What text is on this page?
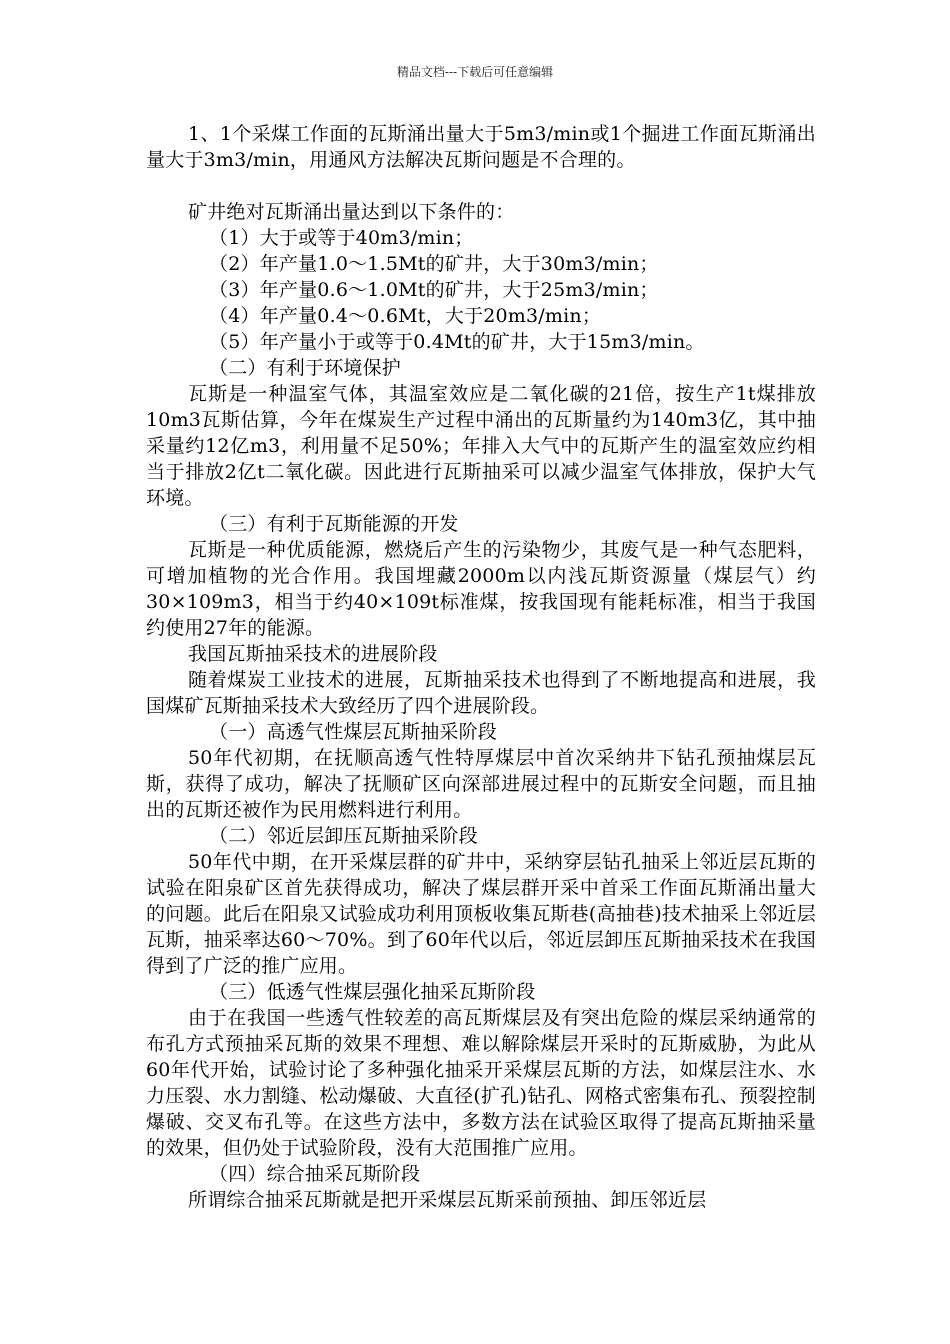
精品文档---下载后可任意编辑

1、1个采煤工作面的瓦斯涌出量大于5m3/min或1个掘进工作面瓦斯涌出量大于3m3/min，用通风方法解决瓦斯问题是不合理的。

矿井绝对瓦斯涌出量达到以下条件的：

（1）大于或等于40m3/min；

（2）年产量1.0～1.5Mt的矿井，大于30m3/min；

（3）年产量0.6～1.0Mt的矿井，大于25m3/min；

（4）年产量0.4～0.6Mt，大于20m3/min；

（5）年产量小于或等于0.4Mt的矿井，大于15m3/min。

（二）有利于环境保护

瓦斯是一种温室气体，其温室效应是二氧化碳的21倍，按生产1t煤排放10m3瓦斯估算，今年在煤炭生产过程中涌出的瓦斯量约为140m3亿，其中抽采量约12亿m3，利用量不足50%；年排入大气中的瓦斯产生的温室效应约相当于排放2亿t二氧化碳。因此进行瓦斯抽采可以减少温室气体排放，保护大气环境。

（三）有利于瓦斯能源的开发

瓦斯是一种优质能源，燃烧后产生的污染物少，其废气是一种气态肥料，可增加植物的光合作用。我国埋藏2000m以内浅瓦斯资源量（煤层气）约30×109m3，相当于约40×109t标准煤，按我国现有能耗标准，相当于我国约使用27年的能源。

我国瓦斯抽采技术的进展阶段

随着煤炭工业技术的进展，瓦斯抽采技术也得到了不断地提高和进展，我国煤矿瓦斯抽采技术大致经历了四个进展阶段。

（一）高透气性煤层瓦斯抽采阶段

50年代初期，在抚顺高透气性特厚煤层中首次采纳井下钻孔预抽煤层瓦斯，获得了成功，解决了抚顺矿区向深部进展过程中的瓦斯安全问题，而且抽出的瓦斯还被作为民用燃料进行利用。

（二）邻近层卸压瓦斯抽采阶段

50年代中期，在开采煤层群的矿井中，采纳穿层钻孔抽采上邻近层瓦斯的试验在阳泉矿区首先获得成功，解决了煤层群开采中首采工作面瓦斯涌出量大的问题。此后在阳泉又试验成功利用顶板收集瓦斯巷(高抽巷)技术抽采上邻近层瓦斯，抽采率达60～70%。到了60年代以后，邻近层卸压瓦斯抽采技术在我国得到了广泛的推广应用。

（三）低透气性煤层强化抽采瓦斯阶段

由于在我国一些透气性较差的高瓦斯煤层及有突出危险的煤层采纳通常的布孔方式预抽采瓦斯的效果不理想、难以解除煤层开采时的瓦斯威胁，为此从60年代开始，试验讨论了多种强化抽采开采煤层瓦斯的方法，如煤层注水、水力压裂、水力割缝、松动爆破、大直径(扩孔)钻孔、网格式密集布孔、预裂控制爆破、交叉布孔等。在这些方法中，多数方法在试验区取得了提高瓦斯抽采量的效果，但仍处于试验阶段，没有大范围推广应用。

（四）综合抽采瓦斯阶段

所谓综合抽采瓦斯就是把开采煤层瓦斯采前预抽、卸压邻近层
